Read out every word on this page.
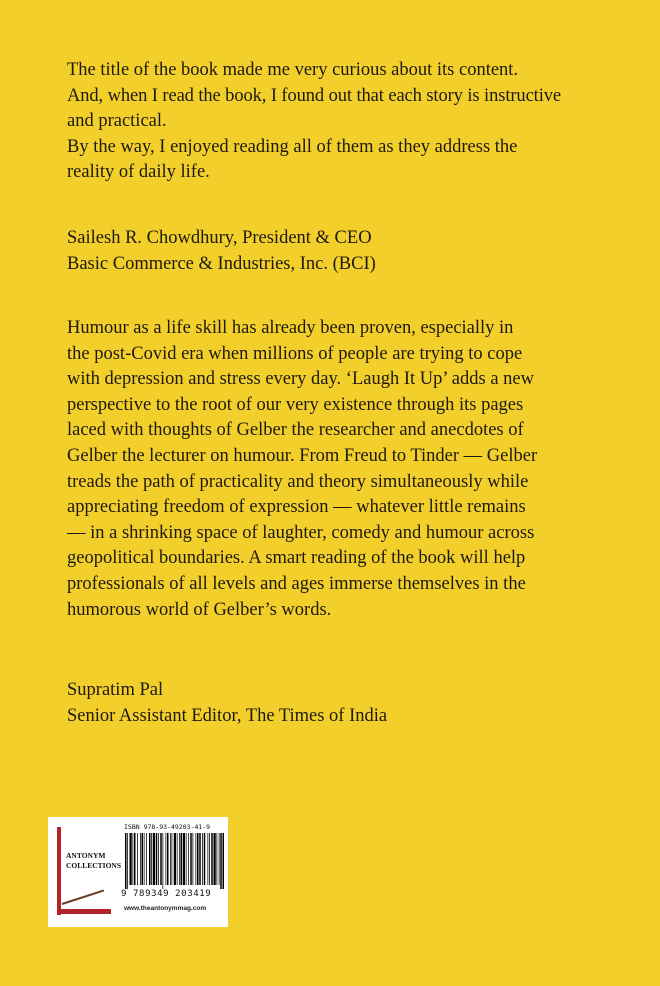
The title of the book made me very curious about its content.
And, when I read the book, I found out that each story is instructive
and practical.
By the way, I enjoyed reading all of them as they address the
reality of daily life.
Sailesh R. Chowdhury, President & CEO
Basic Commerce & Industries, Inc. (BCI)
Humour as a life skill has already been proven, especially in
the post-Covid era when millions of people are trying to cope
with depression and stress every day. ‘Laugh It Up’ adds a new
perspective to the root of our very existence through its pages
laced with thoughts of Gelber the researcher and anecdotes of
Gelber the lecturer on humour. From Freud to Tinder — Gelber
treads the path of practicality and theory simultaneously while
appreciating freedom of expression — whatever little remains
— in a shrinking space of laughter, comedy and humour across
geopolitical boundaries. A smart reading of the book will help
professionals of all levels and ages immerse themselves in the
humorous world of Gelber’s words.
Supratim Pal
Senior Assistant Editor, The Times of India
ANTONYM
COLLECTIONS
ISBN 978-93-49203-41-9
9 789349 203419
www.theantonymmag.com
